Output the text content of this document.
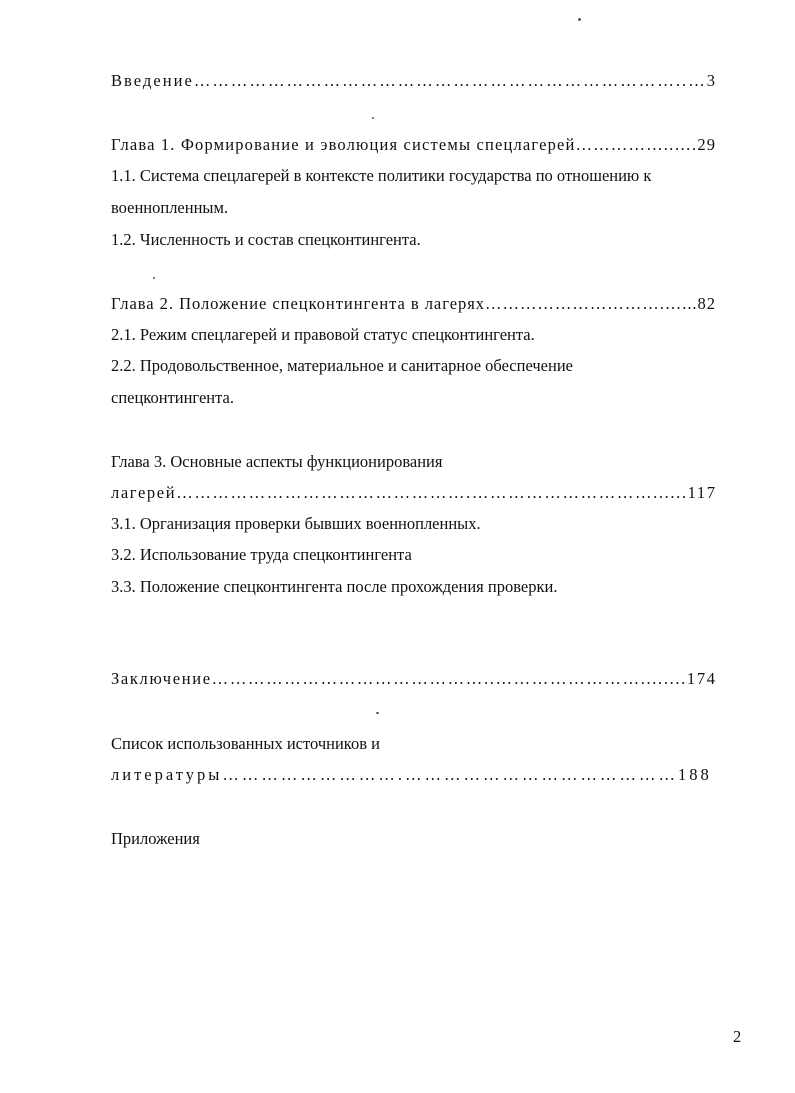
Введение……………………………………………………………………..…3
Глава 1. Формирование и эволюция системы спецлагерей……………..….29
1.1. Система спецлагерей в контексте политики государства по отношению к
военнопленным.
1.2. Численность и состав спецконтингента.
Глава 2. Положение спецконтингента в лагерях………………………….…...82
2.1. Режим спецлагерей и правовой статус спецконтингента.
2.2. Продовольственное, материальное и санитарное обеспечение
спецконтингента.
Глава 3. Основные аспекты функционирования
лагерей………………………………………….…………………………......117
3.1. Организация проверки бывших военнопленных.
3.2. Использование труда спецконтингента
3.3. Положение спецконтингента после прохождения проверки.
Заключение………………………………………..……………………........174
Список использованных источников и
литературы……………………….……………………………………188
Приложения
2
